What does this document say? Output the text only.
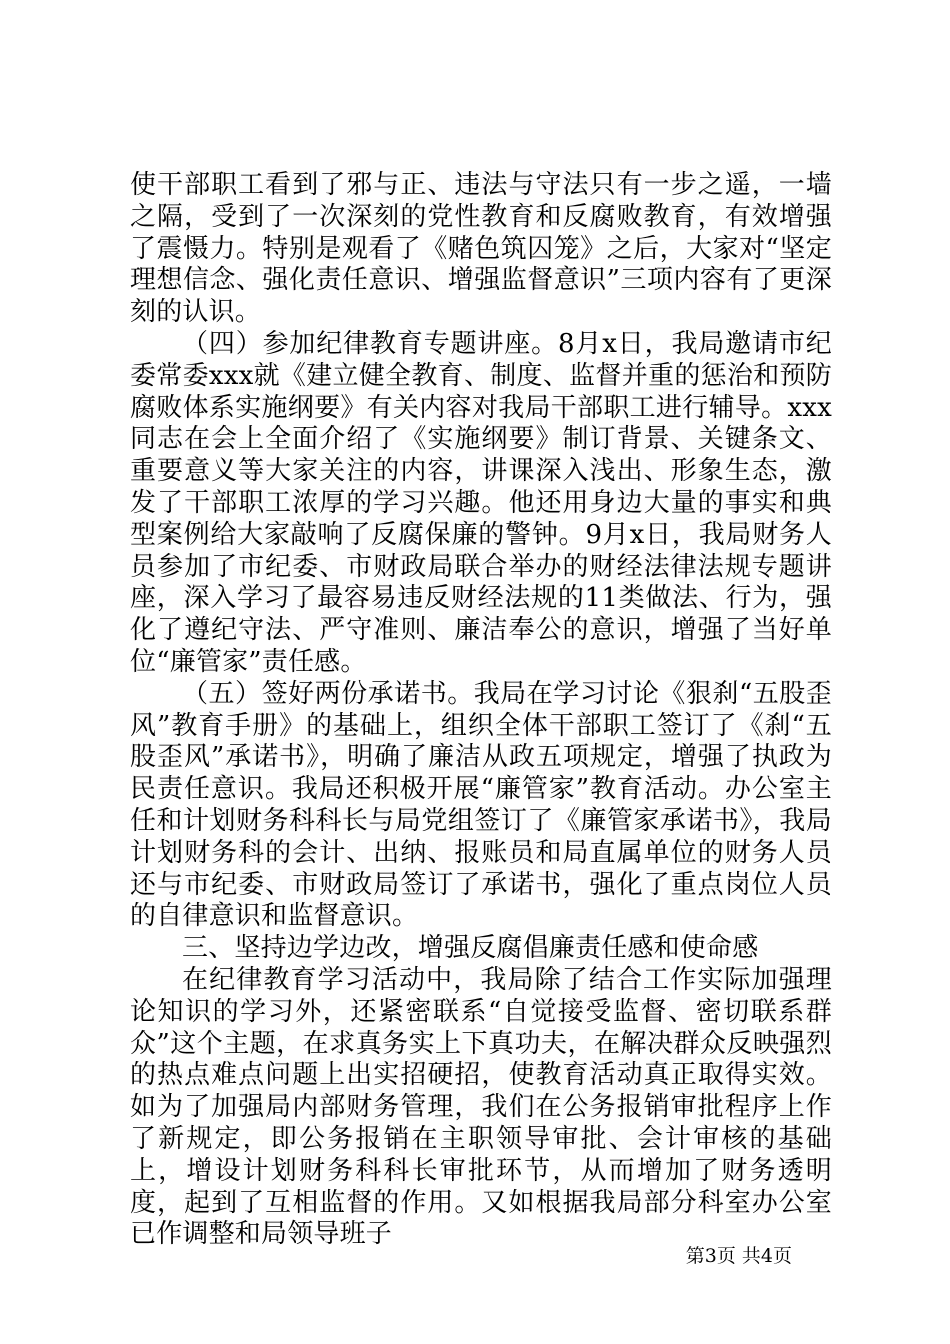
使干部职工看到了邪与正、违法与守法只有一步之遥，一墙之隔，受到了一次深刻的党性教育和反腐败教育，有效增强了震慑力。特别是观看了《赌色筑囚笼》之后，大家对“坚定理想信念、强化责任意识、增强监督意识”三项内容有了更深刻的认识。

（四）参加纪律教育专题讲座。8月x日，我局邀请市纪委常委xxx就《建立健全教育、制度、监督并重的惩治和预防腐败体系实施纲要》有关内容对我局干部职工进行辅导。xxx同志在会上全面介绍了《实施纲要》制订背景、关键条文、重要意义等大家关注的内容，讲课深入浅出、形象生态，激发了干部职工浓厚的学习兴趣。他还用身边大量的事实和典型案例给大家敲响了反腐保廉的警钟。9月x日，我局财务人员参加了市纪委、市财政局联合举办的财经法律法规专题讲座，深入学习了最容易违反财经法规的11类做法、行为，强化了遵纪守法、严守准则、廉洁奉公的意识，增强了当好单位“廉管家”责任感。

（五）签好两份承诺书。我局在学习讨论《狠刹“五股歪风”教育手册》的基础上，组织全体干部职工签订了《刹“五股歪风”承诺书》，明确了廉洁从政五项规定，增强了执政为民责任意识。我局还积极开展“廉管家”教育活动。办公室主任和计划财务科科长与局党组签订了《廉管家承诺书》，我局计划财务科的会计、出纳、报账员和局直属单位的财务人员还与市纪委、市财政局签订了承诺书，强化了重点岗位人员的自律意识和监督意识。

三、坚持边学边改，增强反腐倡廉责任感和使命感

在纪律教育学习活动中，我局除了结合工作实际加强理论知识的学习外，还紧密联系“自觉接受监督、密切联系群众”这个主题，在求真务实上下真功夫，在解决群众反映强烈的热点难点问题上出实招硬招，使教育活动真正取得实效。如为了加强局内部财务管理，我们在公务报销审批程序上作了新规定，即公务报销在主职领导审批、会计审核的基础上，增设计划财务科科长审批环节，从而增加了财务透明度，起到了互相监督的作用。又如根据我局部分科室办公室已作调整和局领导班子

第3页 共4页
